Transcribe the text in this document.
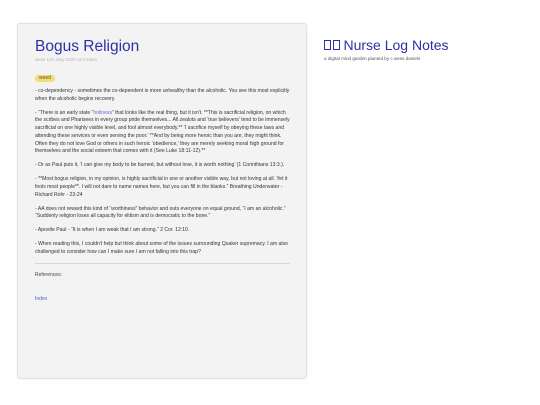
Bogus Religion
wess 11th May 2020 at 8:48am
weed

- co-dependency - sometimes the co-dependent is more unhealthy than the alcoholic. You see this most explicitly when the alcoholic begins recovery.

- “There is an early state “holiness” that looks like the real thing, but it isn't. **This is sacrificial religion, on which the scribes and Pharisees in every group pride themselves... All zealots and ‘true believers’ tend to be immensely sacrificial on one highly visible level, and fool almost everybody.** ‘I sacrifice myself by obeying these laws and attending these services or even serving the poor.’ **And by being more heroic than you are, they might think. Often they do not love God or others in such heroic ‘obedience,’ they are merely seeking moral high ground for themselves and the social esteem that comes with it (See Luke 18:11-12).**

- Or as Paul puts it, ‘I can give my body to be burned, but without love, it is worth nothing’ (1 Corinthians 13:3.).

- **Most bogus religion, in my opinion, is highly sacrificial in one or another visible way, but not loving at all. Yet it fools most people**. I will not dare to name names here, but you can fill in the blanks.” Breathing Underwater - Richard Rohr - 23-24

- AA does not reward this kind of “worthiness” behavior and outs everyone on equal ground, “I am an alcoholic.” “Suddenly religion loses all capacity for elitism and is democratic to the bone.”

- Apostle Paul - “It is when I am weak that I am strong.” 2 Cor. 12:10.

- When reading this, I couldn't help but think about some of the issues surrounding Quaker supremacy. I am also challenged to consider how can I make sure I am not falling into this trap?

References:
Index
Nurse Log Notes
a digital mind garden planted by c wess daniels
